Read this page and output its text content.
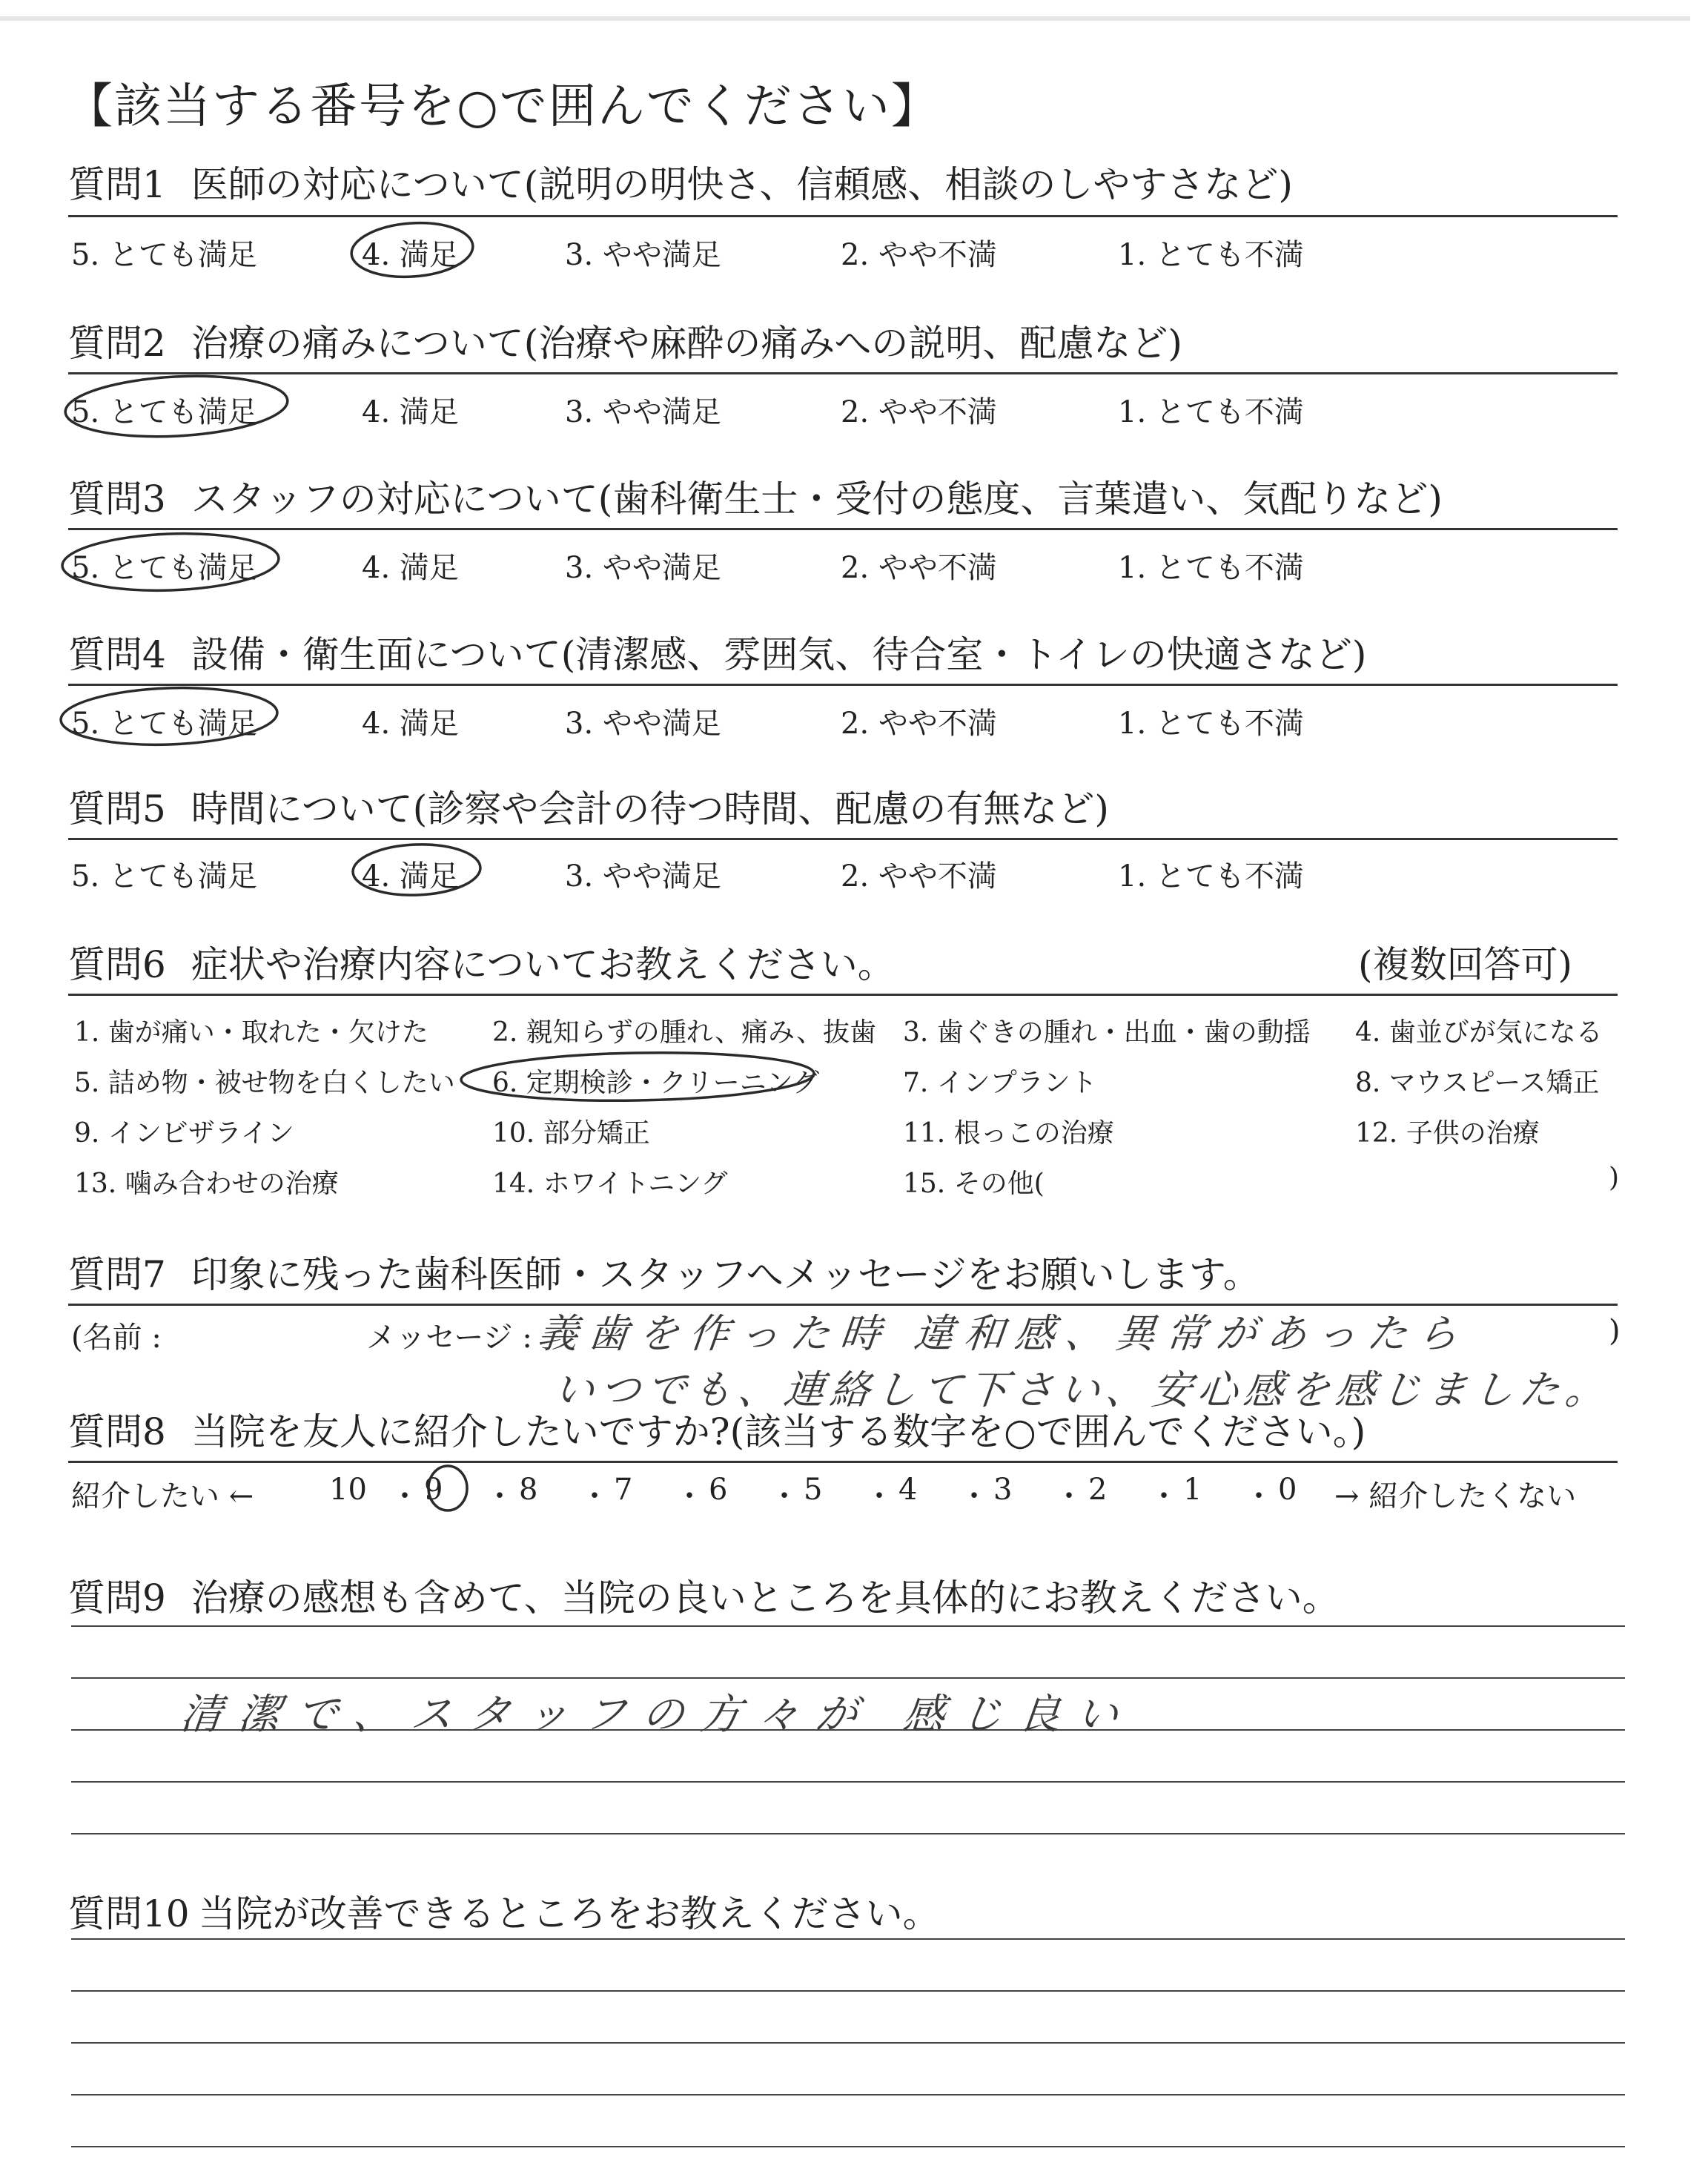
【該当する番号を○で囲んでください】
質問1 医師の対応について(説明の明快さ、信頼感、相談のしやすさなど)
5. とても満足	4. 満足	3. やや満足	2. やや不満	1. とても不満
質問2 治療の痛みについて(治療や麻酔の痛みへの説明、配慮など)
5. とても満足	4. 満足	3. やや満足	2. やや不満	1. とても不満
質問3 スタッフの対応について(歯科衛生士・受付の態度、言葉遣い、気配りなど)
5. とても満足	4. 満足	3. やや満足	2. やや不満	1. とても不満
質問4 設備・衛生面について(清潔感、雰囲気、待合室・トイレの快適さなど)
5. とても満足	4. 満足	3. やや満足	2. やや不満	1. とても不満
質問5 時間について(診察や会計の待つ時間、配慮の有無など)
5. とても満足	4. 満足	3. やや満足	2. やや不満	1. とても不満
質問6 症状や治療内容についてお教えください。	(複数回答可)
1. 歯が痛い・取れた・欠けた 2. 親知らずの腫れ、痛み、抜歯 3. 歯ぐきの腫れ・出血・歯の動揺 4. 歯並びが気になる
5. 詰め物・被せ物を白くしたい 6. 定期検診・クリーニング	7. インプラント	8. マウスピース矯正
9. インビザライン	10. 部分矯正	11. 根っこの治療	12. 子供の治療
13. 噛み合わせの治療	14. ホワイトニング	15. その他(	)
質問7 印象に残った歯科医師・スタッフへメッセージをお願いします。
(名前 :	メッセージ :	)
義歯を作った時 違和感、異常があったら
いつでも、連絡して下さい、安心感を感じました。
質問8 当院を友人に紹介したいですか?(該当する数字を○で囲んでください。)
紹介したい ←	10 ・ 9 ・ 8 ・ 7 ・ 6 ・ 5 ・ 4 ・ 3 ・ 2 ・ 1 ・ 0 → 紹介したくない
質問9 治療の感想も含めて、当院の良いところを具体的にお教えください。
清潔で、スタッフの方々が 感じ良い
質問10 当院が改善できるところをお教えください。
